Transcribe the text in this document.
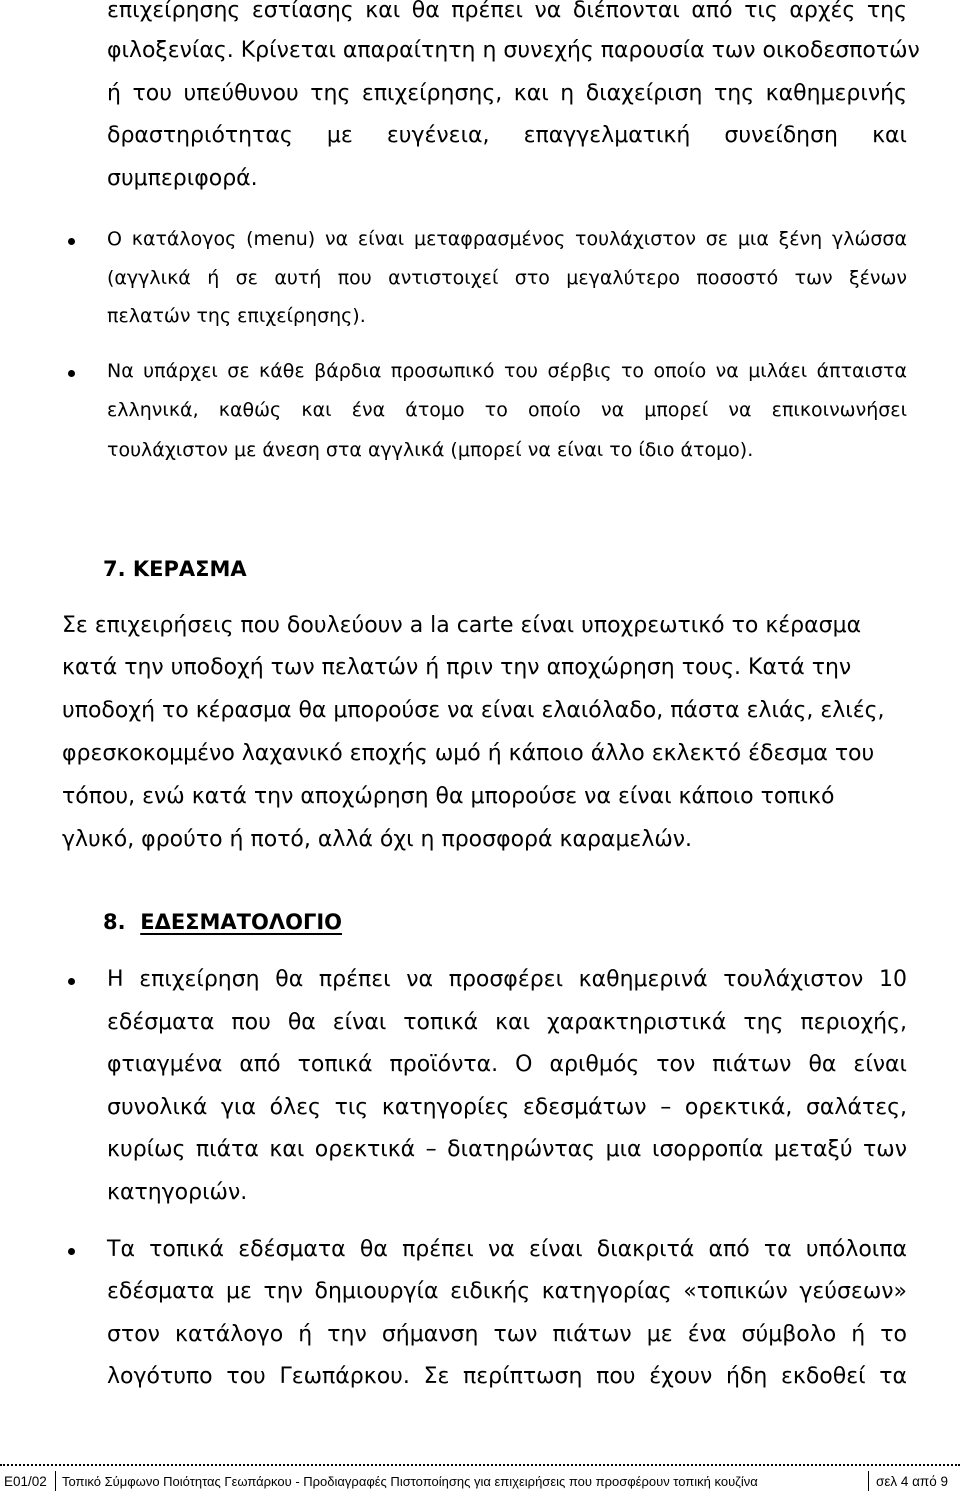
επιχείρησης εστίασης και θα πρέπει να διέπονται από τις αρχές της
φιλοξενίας. Κρίνεται απαραίτητη η συνεχής παρουσία των οικοδεσποτών
ή του υπεύθυνου της επιχείρησης, και η διαχείριση της καθημερινής
δραστηριότητας με ευγένεια, επαγγελματική συνείδηση και
συμπεριφορά.
Ο κατάλογος (menu) να είναι μεταφρασμένος τουλάχιστον σε μια ξένη γλώσσα
(αγγλικά ή σε αυτή που αντιστοιχεί στο μεγαλύτερο ποσοστό των ξένων
πελατών της επιχείρησης).
Να υπάρχει σε κάθε βάρδια προσωπικό του σέρβις το οποίο να μιλάει άπταιστα
ελληνικά, καθώς και ένα άτομο το οποίο να μπορεί να επικοινωνήσει
τουλάχιστον με άνεση στα αγγλικά (μπορεί να είναι το ίδιο άτομο).
7. ΚΕΡΑΣΜΑ
Σε επιχειρήσεις που δουλεύουν a la carte είναι υποχρεωτικό το κέρασμα
κατά την υποδοχή των πελατών ή πριν την αποχώρηση τους. Κατά την
υποδοχή το κέρασμα θα μπορούσε να είναι ελαιόλαδο, πάστα ελιάς, ελιές,
φρεσκοκομμένο λαχανικό εποχής ωμό ή κάποιο άλλο εκλεκτό έδεσμα του
τόπου, ενώ κατά την αποχώρηση θα μπορούσε να είναι κάποιο τοπικό
γλυκό, φρούτο ή ποτό, αλλά όχι η προσφορά καραμελών.
8. ΕΔΕΣΜΑΤΟΛΟΓΙΟ
Η επιχείρηση θα πρέπει να προσφέρει καθημερινά τουλάχιστον 10
εδέσματα που θα είναι τοπικά και χαρακτηριστικά της περιοχής,
φτιαγμένα από τοπικά προϊόντα. Ο αριθμός τον πιάτων θα είναι
συνολικά για όλες τις κατηγορίες εδεσμάτων – ορεκτικά, σαλάτες,
κυρίως πιάτα και ορεκτικά – διατηρώντας μια ισορροπία μεταξύ των
κατηγοριών.
Τα τοπικά εδέσματα θα πρέπει να είναι διακριτά από τα υπόλοιπα
εδέσματα με την δημιουργία ειδικής κατηγορίας «τοπικών γεύσεων»
στον κατάλογο ή την σήμανση των πιάτων με ένα σύμβολο ή το
λογότυπο του Γεωπάρκου. Σε περίπτωση που έχουν ήδη εκδοθεί τα
E01/02 Τοπικό Σύμφωνο Ποιότητας Γεωπάρκου - Προδιαγραφές Πιστοποίησης για επιχειρήσεις που προσφέρουν τοπική κουζίνα	σελ 4 από 9
